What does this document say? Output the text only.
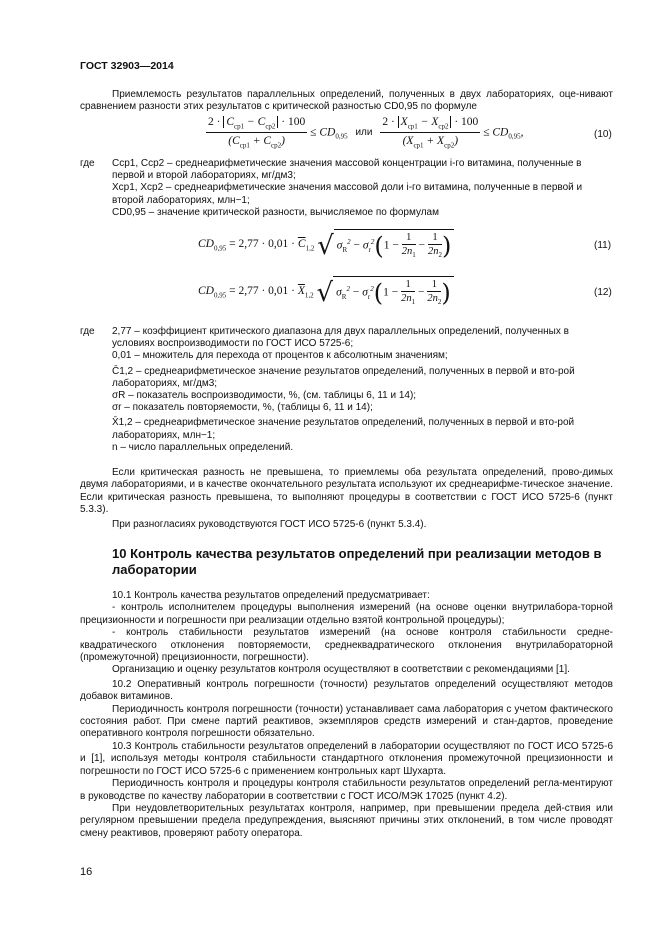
ГОСТ 32903—2014

Приемлемость результатов параллельных определений, полученных в двух лабораториях, оце-нивают сравнением разности этих результатов с критической разностью CD0,95 по формуле

$\frac{2 \cdot C_{ср1} - C_{ср2} \cdot 100}{(C_{ср1} + C_{ср2})} \le CD_{0,95}$ или $\frac{2 \cdot X_{ср1} - X_{ср2} \cdot 100}{(X_{ср1} + X_{ср2})} \le CD_{0,95}$,	(10)
где Cср1, Cср2 – среднеарифметические значения массовой концентрации i-го витамина, полученные в первой и второй лабораториях, мг/дм3;

Xср1, Xср2 – среднеарифметические значения массовой доли i-го витамина, полученные в первой и второй лабораториях, млн−1;

CD0,95 – значение критической разности, вычисляемое по формулам

$CD_{0,95} = 2,77 \cdot 0,01 \cdot \overline{C}_{1,2}$ √ $\sigma_R^2 - \sigma_r^2(1 - \frac{1}{2n_1} - \frac{1}{2n_2}$ )	(11)
$CD_{0,95} = 2,77 \cdot 0,01 \cdot \overline{X}_{1,2}$ √ $\sigma_R^2 - \sigma_r^2(1 - \frac{1}{2n_1} - \frac{1}{2n_2}$ )	(12)
где 2,77 – коэффициент критического диапазона для двух параллельных определений, полученных в условиях воспроизводимости по ГОСТ ИСО 5725-6;

0,01 – множитель для перехода от процентов к абсолютным значениям;

C̄1,2 – среднеарифметическое значение результатов определений, полученных в первой и вто-рой лабораториях, мг/дм3;

σR – показатель воспроизводимости, %, (см. таблицы 6, 11 и 14);

σr – показатель повторяемости, %, (таблицы 6, 11 и 14);

X̄1,2 – среднеарифметическое значение результатов определений, полученных в первой и вто-рой лабораториях, млн−1;

n – число параллельных определений.

Если критическая разность не превышена, то приемлемы оба результата определений, прово-димых двумя лабораториями, и в качестве окончательного результата используют их среднеарифме-тическое значение. Если критическая разность превышена, то выполняют процедуры в соответствии с ГОСТ ИСО 5725-6 (пункт 5.3.3).

При разногласиях руководствуются ГОСТ ИСО 5725-6 (пункт 5.3.4).

10 Контроль качества результатов определений при реализации методов в лаборатории

10.1 Контроль качества результатов определений предусматривает:

- контроль исполнителем процедуры выполнения измерений (на основе оценки внутрилабора-торной прецизионности и погрешности при реализации отдельно взятой контрольной процедуры);

- контроль стабильности результатов измерений (на основе контроля стабильности средне-квадратического отклонения повторяемости, среднеквадратического отклонения внутрилабораторной (промежуточной) прецизионности, погрешности).

Организацию и оценку результатов контроля осуществляют в соответствии с рекомендациями [1].

10.2 Оперативный контроль погрешности (точности) результатов определений осуществляют методов добавок витаминов.

Периодичность контроля погрешности (точности) устанавливает сама лаборатория с учетом фактического состояния работ. При смене партий реактивов, экземпляров средств измерений и стан-дартов, проведение оперативного контроля погрешности обязательно.

10.3 Контроль стабильности результатов определений в лаборатории осуществляют по ГОСТ ИСО 5725-6 и [1], используя методы контроля стабильности стандартного отклонения промежуточной прецизионности и погрешности по ГОСТ ИСО 5725-6 с применением контрольных карт Шухарта.

Периодичность контроля и процедуры контроля стабильности результатов определений регла-ментируют в руководстве по качеству лаборатории в соответствии с ГОСТ ИСО/МЭК 17025 (пункт 4.2).

При неудовлетворительных результатах контроля, например, при превышении предела дей-ствия или регулярном превышении предела предупреждения, выясняют причины этих отклонений, в том числе проводят смену реактивов, проверяют работу оператора.

16
